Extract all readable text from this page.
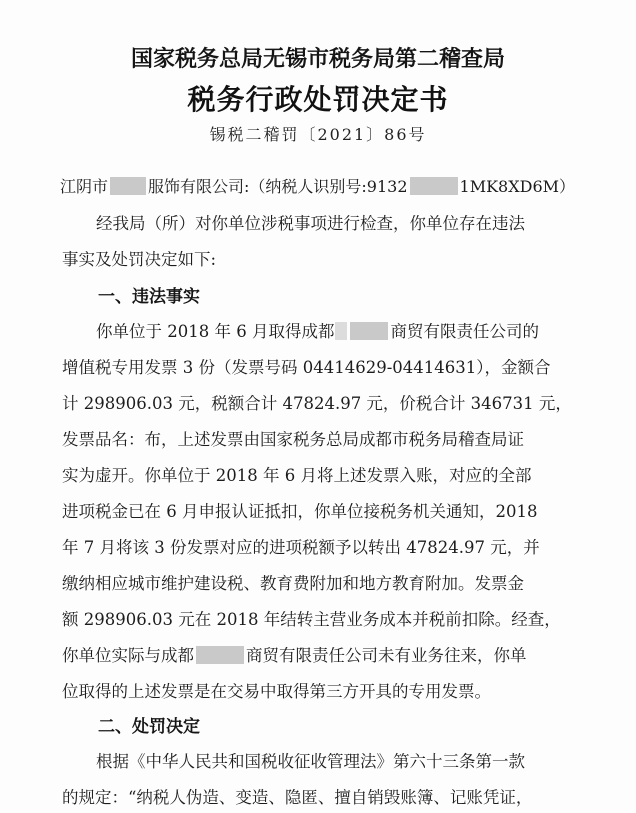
国家税务总局无锡市税务局第二稽查局
税务行政处罚决定书
锡税二稽罚〔2021〕86号
江阴市	服饰有限公司:（纳税人识别号:9132	1MK8XD6M）
经我局（所）对你单位涉税事项进行检查，你单位存在违法
事实及处罚决定如下:
一、违法事实
你单位于 2018 年 6 月取得成都	商贸有限责任公司的
增值税专用发票 3 份（发票号码 04414629-04414631），金额合
计 298906.03 元，税额合计 47824.97 元，价税合计 346731 元，
发票品名：布，上述发票由国家税务总局成都市税务局稽查局证
实为虚开。你单位于 2018 年 6 月将上述发票入账，对应的全部
进项税金已在 6 月申报认证抵扣，你单位接税务机关通知，2018
年 7 月将该 3 份发票对应的进项税额予以转出 47824.97 元，并
缴纳相应城市维护建设税、教育费附加和地方教育附加。发票金
额 298906.03 元在 2018 年结转主营业务成本并税前扣除。经查，
你单位实际与成都	商贸有限责任公司未有业务往来，你单
位取得的上述发票是在交易中取得第三方开具的专用发票。
二、处罚决定
根据《中华人民共和国税收征收管理法》第六十三条第一款
的规定：“纳税人伪造、变造、隐匿、擅自销毁账簿、记账凭证，
